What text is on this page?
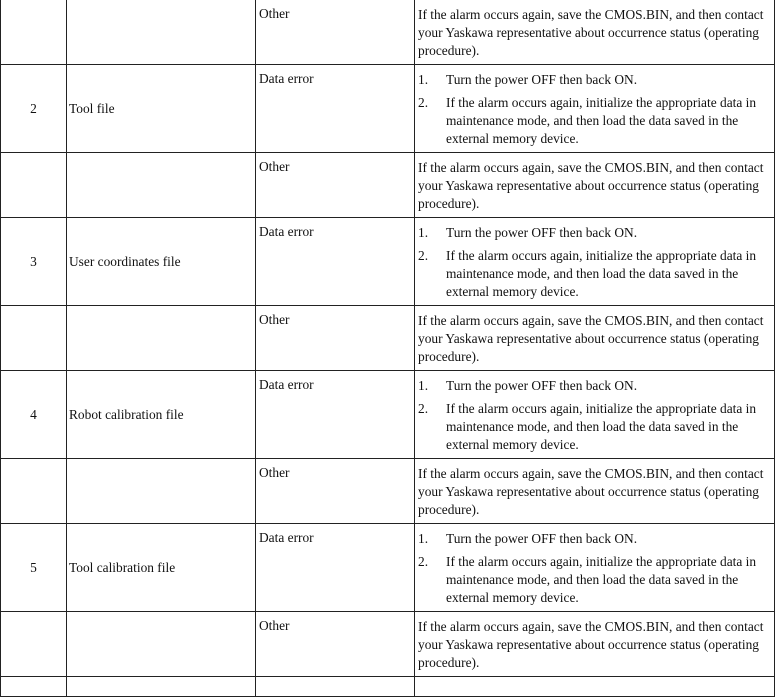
		Other	If the alarm occurs again, save the CMOS.BIN, and then contact your Yaskawa representative about occurrence status (operating procedure).
2	Tool file	Data error	1. Turn the power OFF then back ON.
2. If the alarm occurs again, initialize the appropriate data in maintenance mode, and then load the data saved in the external memory device.

		Other	If the alarm occurs again, save the CMOS.BIN, and then contact your Yaskawa representative about occurrence status (operating procedure).
3	User coordinates file	Data error	1. Turn the power OFF then back ON.
2. If the alarm occurs again, initialize the appropriate data in maintenance mode, and then load the data saved in the external memory device.

		Other	If the alarm occurs again, save the CMOS.BIN, and then contact your Yaskawa representative about occurrence status (operating procedure).
4	Robot calibration file	Data error	1. Turn the power OFF then back ON.
2. If the alarm occurs again, initialize the appropriate data in maintenance mode, and then load the data saved in the external memory device.

		Other	If the alarm occurs again, save the CMOS.BIN, and then contact your Yaskawa representative about occurrence status (operating procedure).
5	Tool calibration file	Data error	1. Turn the power OFF then back ON.
2. If the alarm occurs again, initialize the appropriate data in maintenance mode, and then load the data saved in the external memory device.

		Other	If the alarm occurs again, save the CMOS.BIN, and then contact your Yaskawa representative about occurrence status (operating procedure).
